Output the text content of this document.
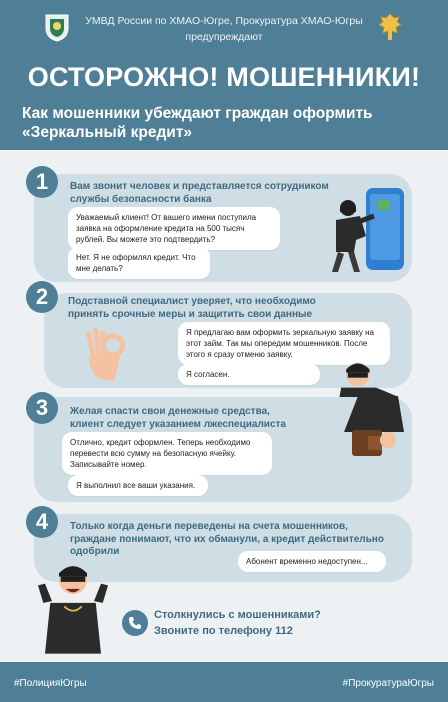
УМВД России по ХМАО-Югре, Прокуратура ХМАО-Югры
предупреждают
ОСТОРОЖНО! МОШЕННИКИ!
Как мошенники убеждают граждан оформить «Зеркальный кредит»
1	Вам звонит человек и представляется сотрудником службы безопасности банка
Уважаемый клиент! От вашего имени поступила заявка на оформление кредита на 500 тысяч рублей. Вы можете это подтвердить?
Нет. Я не оформлял кредит. Что мне делать?
2	Подставной специалист уверяет, что необходимо принять срочные меры и защитить свои данные
Я предлагаю вам оформить зеркальную заявку на этот займ. Так мы опередим мошенников. После этого я сразу отменю заявку.
Я согласен.
3	Желая спасти свои денежные средства, клиент следует указанием лжеспециалиста
Отлично, кредит оформлен. Теперь необходимо перевести всю сумму на безопасную ячейку. Записывайте номер.
Я выполнил все ваши указания.
4	Только когда деньги переведены на счета мошенников, граждане понимают, что их обманули, а кредит действительно одобрили
Абонент временно недоступен...
Столкнулись с мошенниками?
Звоните по телефону 112
#ПолицияЮгры	#ПрокуратураЮгры
